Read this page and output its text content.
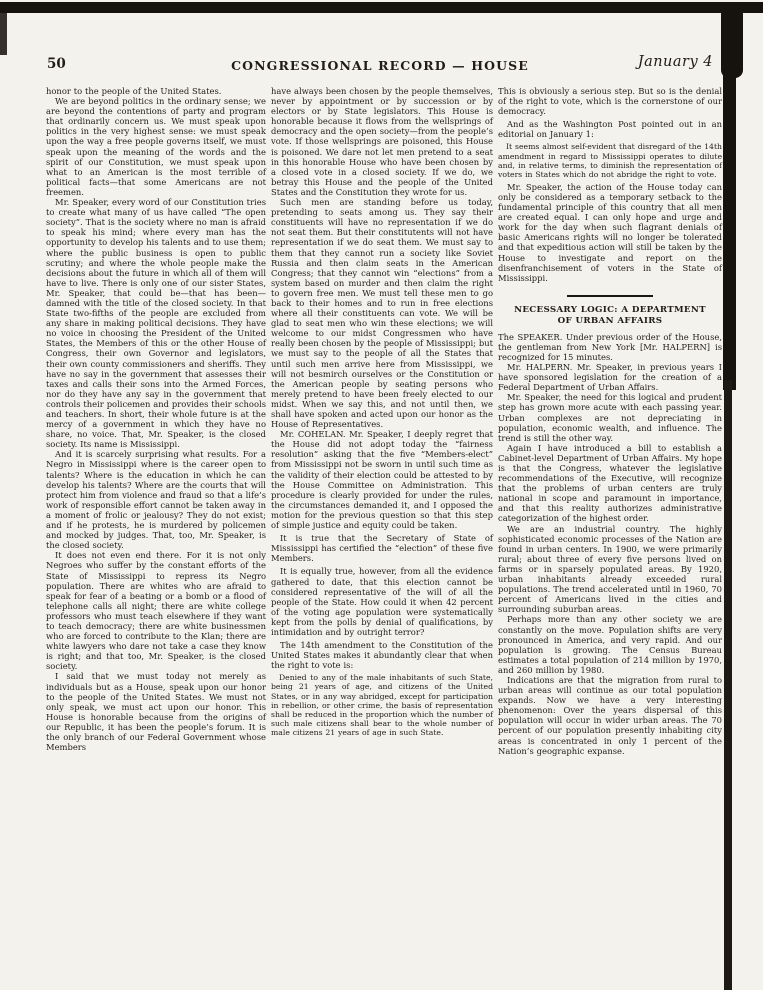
50	CONGRESSIONAL RECORD — HOUSE	January 4

honor to the people of the United States.

We are beyond politics in the ordinary sense; we are beyond the contentions of party and program that ordinarily concern us. We must speak upon politics in the very highest sense: we must speak upon the way a free people governs itself, we must speak upon the meaning of the words and the spirit of our Constitution, we must speak upon what to an American is the most terrible of political facts—that some Americans are not freemen.

Mr. Speaker, every word of our Constitution tries to create what many of us have called “The open society”. That is the society where no man is afraid to speak his mind; where every man has the opportunity to develop his talents and to use them; where the public business is open to public scrutiny; and where the whole people make the decisions about the future in which all of them will have to live. There is only one of our sister States, Mr. Speaker, that could be—that has been—damned with the title of the closed society. In that State two-fifths of the people are excluded from any share in making political decisions. They have no voice in choosing the President of the United States, the Members of this or the other House of Congress, their own Governor and legislators, their own county commissioners and sheriffs. They have no say in the government that assesses their taxes and calls their sons into the Armed Forces, nor do they have any say in the government that controls their policemen and provides their schools and teachers. In short, their whole future is at the mercy of a government in which they have no share, no voice. That, Mr. Speaker, is the closed society. Its name is Mississippi.

And it is scarcely surprising what results. For a Negro in Mississippi where is the career open to talents? Where is the education in which he can develop his talents? Where are the courts that will protect him from violence and fraud so that a life’s work of responsible effort cannot be taken away in a moment of frolic or jealousy? They do not exist; and if he protests, he is murdered by policemen and mocked by judges. That, too, Mr. Speaker, is the closed society.

It does not even end there. For it is not only Negroes who suffer by the constant efforts of the State of Mississippi to repress its Negro population. There are whites who are afraid to speak for fear of a beating or a bomb or a flood of telephone calls all night; there are white college professors who must teach elsewhere if they want to teach democracy; there are white businessmen who are forced to contribute to the Klan; there are white lawyers who dare not take a case they know is right; and that too, Mr. Speaker, is the closed society.

I said that we must today not merely as individuals but as a House, speak upon our honor to the people of the United States. We must not only speak, we must act upon our honor. This House is honorable because from the origins of our Republic, it has been the people’s forum. It is the only branch of our Federal Government whose Members

have always been chosen by the people themselves, never by appointment or by succession or by electors or by State legislators. This House is honorable because it flows from the wellsprings of democracy and the open society—from the people’s vote. If those wellsprings are poisoned, this House is poisoned. We dare not let men pretend to a seat in this honorable House who have been chosen by a closed vote in a closed society. If we do, we betray this House and the people of the United States and the Constitution they wrote for us.

Such men are standing before us today, pretending to seats among us. They say their constituents will have no representation if we do not seat them. But their constitutents will not have representation if we do seat them. We must say to them that they cannot run a society like Soviet Russia and then claim seats in the American Congress; that they cannot win “elections” from a system based on murder and then claim the right to govern free men. We must tell these men to go back to their homes and to run in free elections where all their constituents can vote. We will be glad to seat men who win these elections; we will welcome to our midst Congressmen who have really been chosen by the people of Mississippi; but we must say to the people of all the States that until such men arrive here from Mississippi, we will not besmirch ourselves or the Constitution or the American people by seating persons who merely pretend to have been freely elected to our midst. When we say this, and not until then, we shall have spoken and acted upon our honor as the House of Representatives.

Mr. COHELAN. Mr. Speaker, I deeply regret that the House did not adopt today the “fairness resolution” asking that the five “Members-elect” from Mississippi not be sworn in until such time as the validity of their election could be attested to by the House Committee on Administration. This procedure is clearly provided for under the rules, the circumstances demanded it, and I opposed the motion for the previous question so that this step of simple justice and equity could be taken.

It is true that the Secretary of State of Mississippi has certified the “election” of these five Members.

It is equally true, however, from all the evidence gathered to date, that this election cannot be considered representative of the will of all the people of the State. How could it when 42 percent of the voting age population were systematically kept from the polls by denial of qualifications, by intimidation and by outright terror?

The 14th amendment to the Constitution of the United States makes it abundantly clear that when the right to vote is:

Denied to any of the male inhabitants of such State, being 21 years of age, and citizens of the United States, or in any way abridged, except for participation in rebellion, or other crime, the basis of representation shall be reduced in the proportion which the number of such male citizens shall bear to the whole number of male citizens 21 years of age in such State.

This is obviously a serious step. But so is the denial of the right to vote, which is the cornerstone of our democracy.

And as the Washington Post pointed out in an editorial on January 1:

It seems almost self-evident that disregard of the 14th amendment in regard to Mississippi operates to dilute and, in relative terms, to diminish the representation of voters in States which do not abridge the right to vote.

Mr. Speaker, the action of the House today can only be considered as a temporary setback to the fundamental principle of this country that all men are created equal. I can only hope and urge and work for the day when such flagrant denials of basic Americans rights will no longer be tolerated and that expeditious action will still be taken by the House to investigate and report on the disenfranchisement of voters in the State of Mississippi.

NECESSARY LOGIC: A DEPARTMENT OF URBAN AFFAIRS

The SPEAKER. Under previous order of the House, the gentleman from New York [Mr. HALPERN] is recognized for 15 minutes.

Mr. HALPERN. Mr. Speaker, in previous years I have sponsored legislation for the creation of a Federal Department of Urban Affairs.

Mr. Speaker, the need for this logical and prudent step has grown more acute with each passing year. Urban complexes are not depreciating in population, economic wealth, and influence. The trend is still the other way.

Again I have introduced a bill to establish a Cabinet-level Department of Urban Affairs. My hope is that the Congress, whatever the legislative recommendations of the Executive, will recognize that the problems of urban centers are truly national in scope and paramount in importance, and that this reality authorizes administrative categorization of the highest order.

We are an industrial country. The highly sophisticated economic processes of the Nation are found in urban centers. In 1900, we were primarily rural; about three of every five persons lived on farms or in sparsely populated areas. By 1920, urban inhabitants already exceeded rural populations. The trend accelerated until in 1960, 70 percent of Americans lived in the cities and surrounding suburban areas.

Perhaps more than any other society we are constantly on the move. Population shifts are very pronounced in America, and very rapid. And our population is growing. The Census Bureau estimates a total population of 214 million by 1970, and 260 million by 1980.

Indications are that the migration from rural to urban areas will continue as our total population expands. Now we have a very interesting phenomenon: Over the years dispersal of this population will occur in wider urban areas. The 70 percent of our population presently inhabiting city areas is concentrated in only 1 percent of the Nation’s geographic expanse.
